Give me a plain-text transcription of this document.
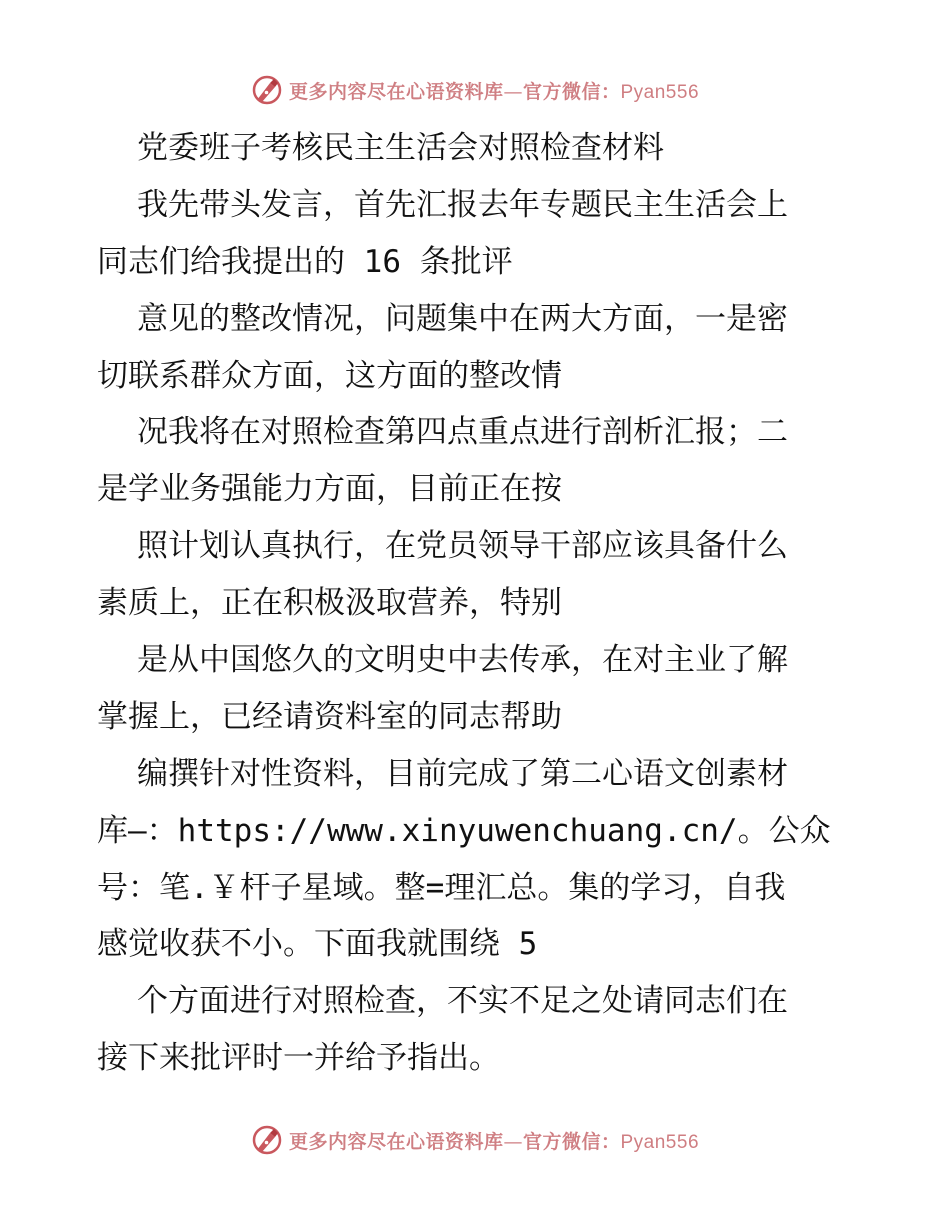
更多内容尽在心语资料库—官方微信：Pyan556
党委班子考核民主生活会对照检查材料
我先带头发言，首先汇报去年专题民主生活会上
同志们给我提出的 16 条批评
意见的整改情况，问题集中在两大方面，一是密
切联系群众方面，这方面的整改情
况我将在对照检查第四点重点进行剖析汇报；二
是学业务强能力方面，目前正在按
照计划认真执行，在党员领导干部应该具备什么
素质上，正在积极汲取营养，特别
是从中国悠久的文明史中去传承，在对主业了解
掌握上，已经请资料室的同志帮助
编撰针对性资料，目前完成了第二心语文创素材
库—：https://www.xinyuwenchuang.cn/。公众
号：笔.￥杆子星域。整=理汇总。集的学习，自我
感觉收获不小。下面我就围绕 5
个方面进行对照检查，不实不足之处请同志们在
接下来批评时一并给予指出。
更多内容尽在心语资料库—官方微信：Pyan556
